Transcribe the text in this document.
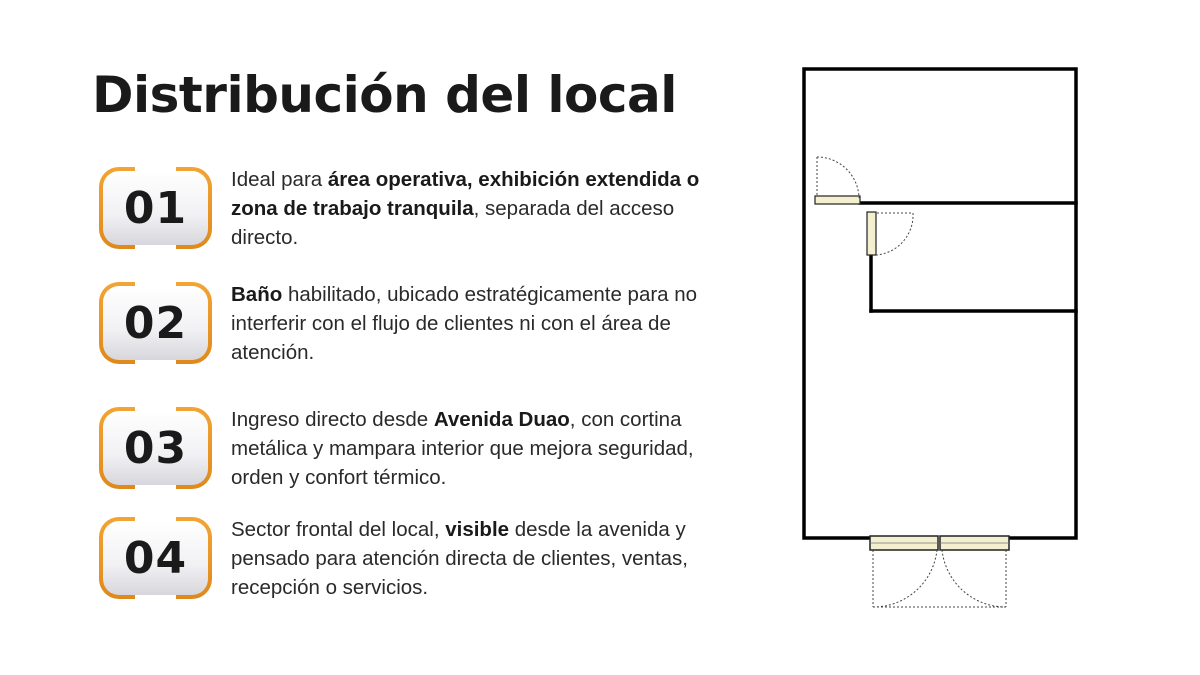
Distribución del local
01

Ideal para área operativa, exhibición extendida o zona de trabajo tranquila, separada del acceso directo.

02

Baño habilitado, ubicado estratégicamente para no interferir con el flujo de clientes ni con el área de atención.

03

Ingreso directo desde Avenida Duao, con cortina metálica y mampara interior que mejora seguridad, orden y confort térmico.

04

Sector frontal del local, visible desde la avenida y pensado para atención directa de clientes, ventas, recepción o servicios.
